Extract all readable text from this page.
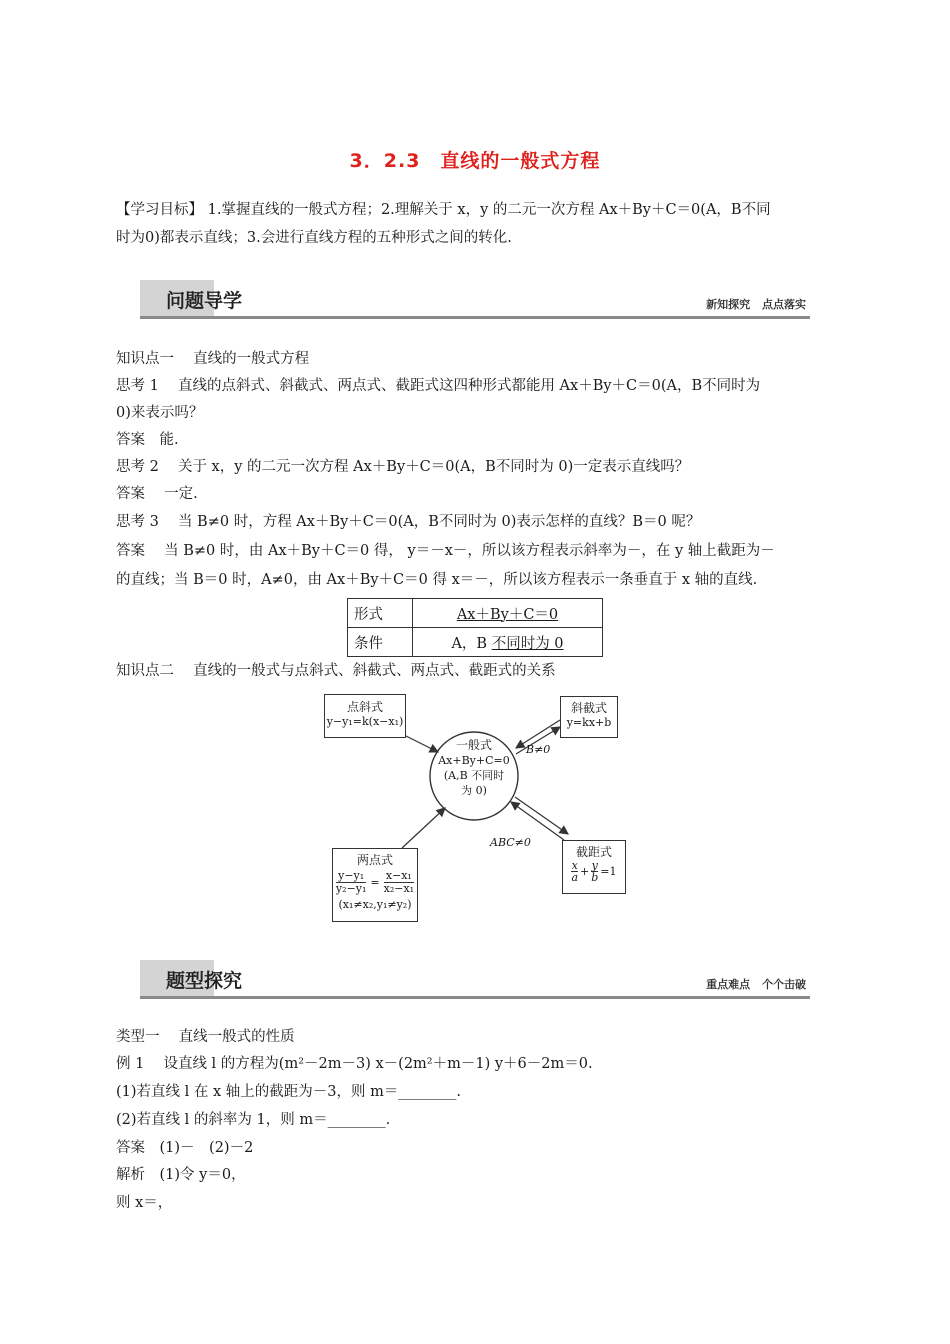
3．2.3　直线的一般式方程
【学习目标】 1.掌握直线的一般式方程；2.理解关于 x，y 的二元一次方程 Ax＋By＋C＝0(A，B不同
时为0)都表示直线；3.会进行直线方程的五种形式之间的转化.
问题导学	新知探究 点点落实
知识点一　 直线的一般式方程
思考 1　 直线的点斜式、斜截式、两点式、截距式这四种形式都能用 Ax＋By＋C＝0(A，B不同时为
0)来表示吗？
答案　能.
思考 2　 关于 x，y 的二元一次方程 Ax＋By＋C＝0(A，B不同时为 0)一定表示直线吗？
答案　 一定.
思考 3　 当 B≠0 时，方程 Ax＋By＋C＝0(A，B不同时为 0)表示怎样的直线？B＝0 呢？
答案　 当 B≠0 时，由 Ax＋By＋C＝0 得， y＝－x－，所以该方程表示斜率为－，在 y 轴上截距为－
的直线；当 B＝0 时，A≠0，由 Ax＋By＋C＝0 得 x＝－，所以该方程表示一条垂直于 x 轴的直线.
形式	Ax＋By＋C＝0
条件	A，B 不同时为 0
知识点二　 直线的一般式与点斜式、斜截式、两点式、截距式的关系
点斜式
y−y₁=k(x−x₁)
斜截式
y=kx+b
一般式
Ax+By+C=0
(A,B 不同时
为 0)
B≠0
ABC≠0
两点式
$\frac{\text{y−y₁}}{\text{y₂−y₁}} = \frac{\text{x−x₁}}{\text{x₂−x₁}}$
(x₁≠x₂,y₁≠y₂)
截距式
$\frac{x}{a} + \frac{y}{b} =1$
题型探究	重点难点 个个击破
类型一　 直线一般式的性质
例 1　 设直线 l 的方程为(m²－2m－3) x－(2m²＋m－1) y＋6－2m＝0.
(1)若直线 l 在 x 轴上的截距为－3，则 m＝________.
(2)若直线 l 的斜率为 1，则 m＝________.
答案　(1)－　(2)－2
解析　(1)令 y＝0，
则 x＝，
